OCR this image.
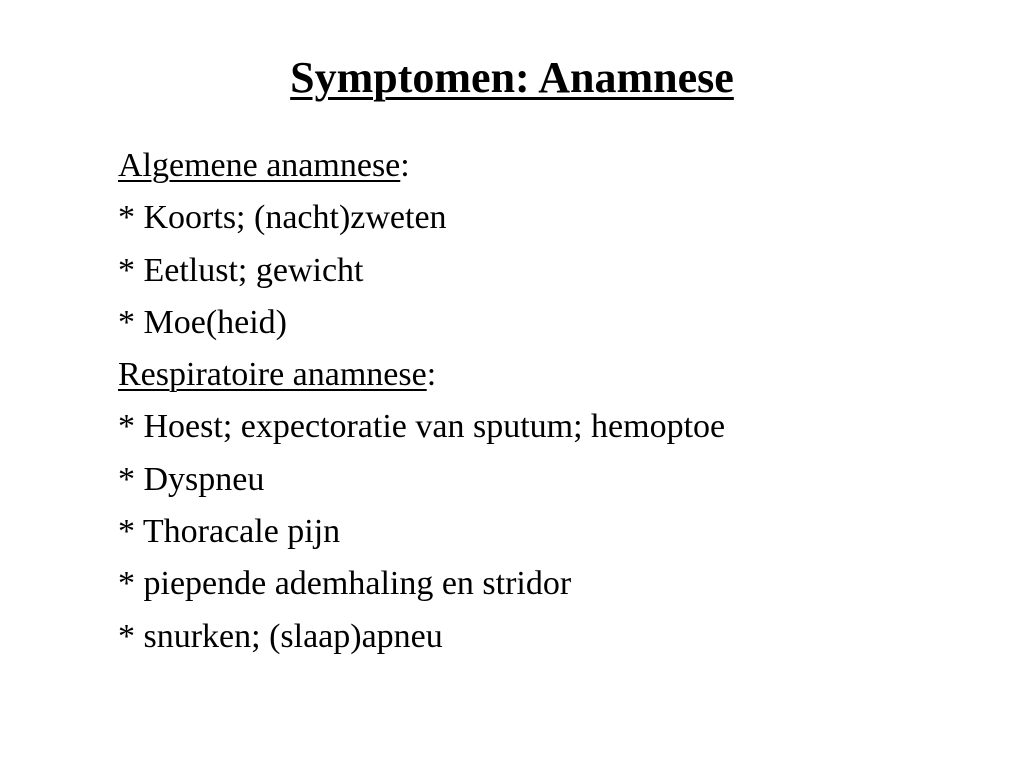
Symptomen: Anamnese
Algemene anamnese:
* Koorts; (nacht)zweten
* Eetlust; gewicht
* Moe(heid)
Respiratoire anamnese:
* Hoest; expectoratie van sputum; hemoptoe
* Dyspneu
* Thoracale pijn
* piepende ademhaling en stridor
* snurken; (slaap)apneu
